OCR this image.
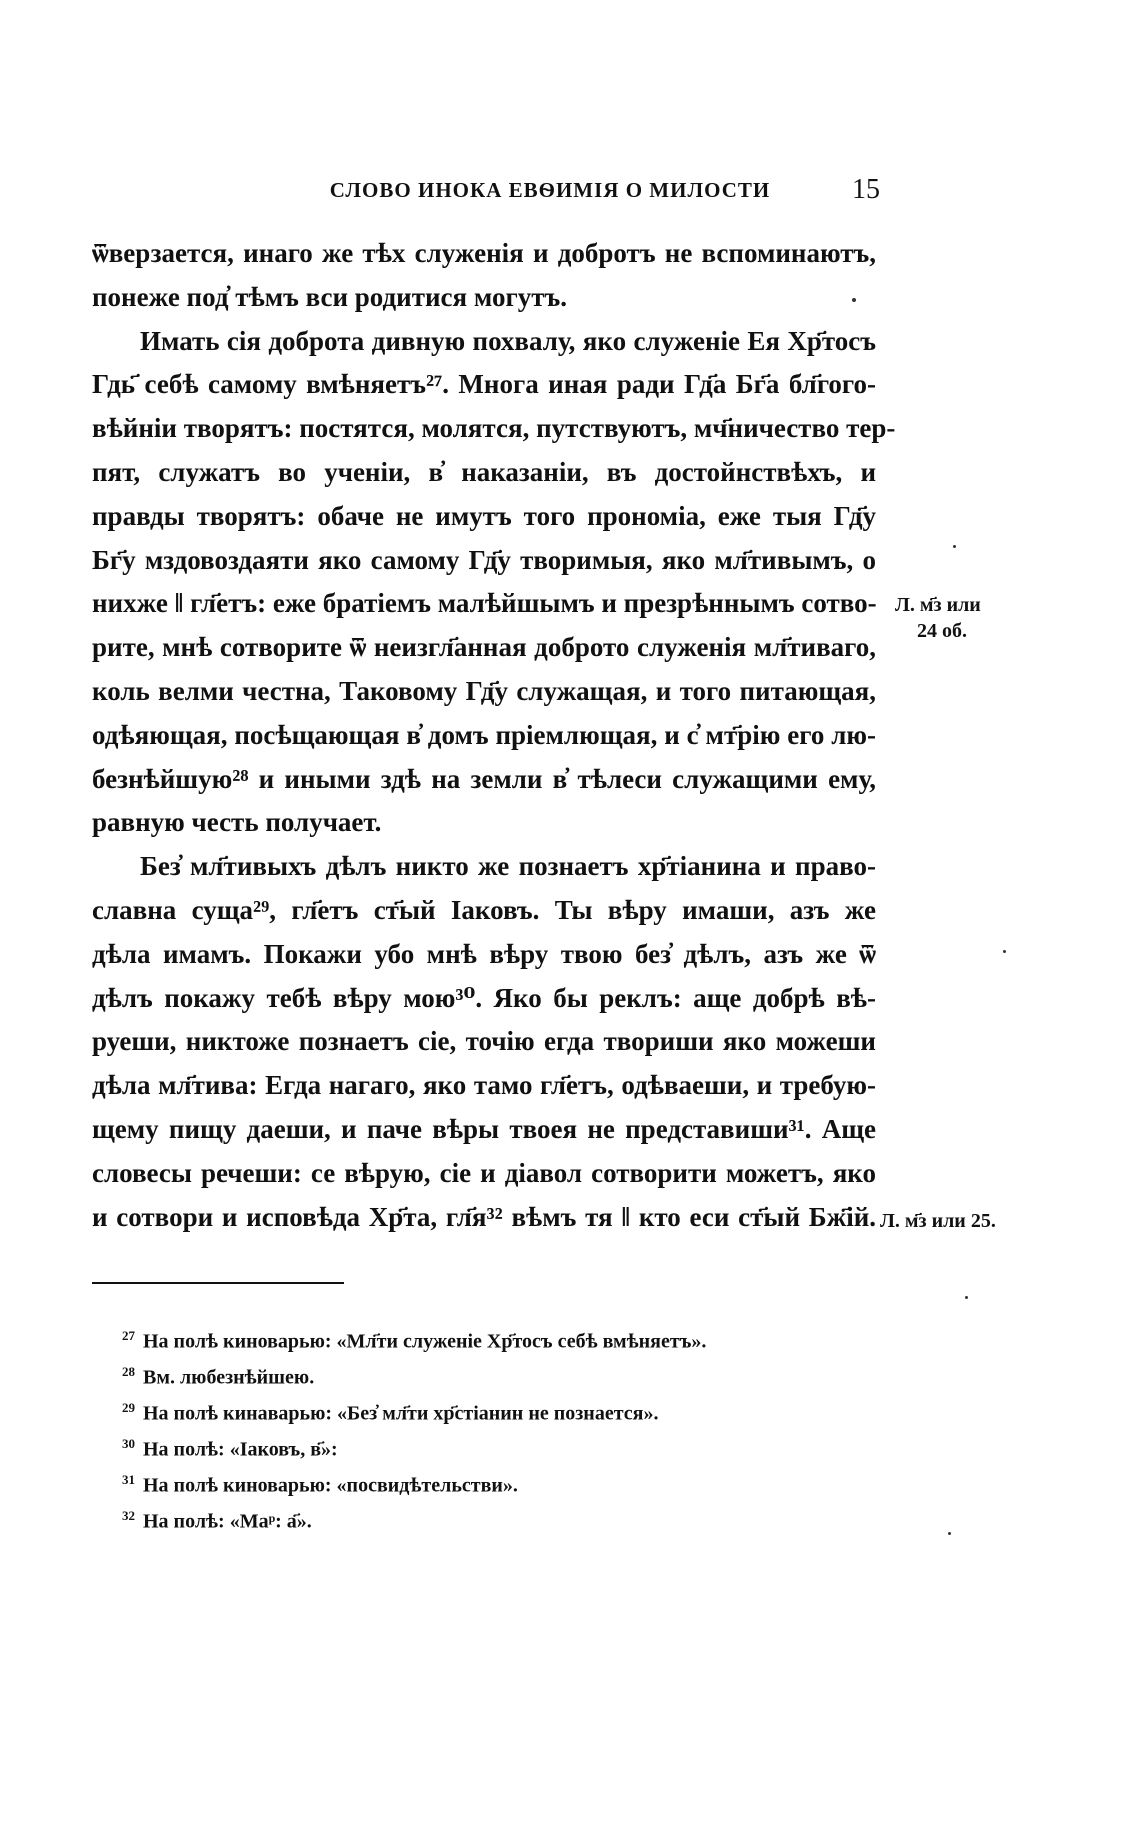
СЛОВО ИНОКА ЕВѲИМІЯ О МИЛОСТИ	15
ѿверзается, инаго же тѣх служенія и добротъ не вспоминаютъ,
понеже под҆ тѣмъ вси родитися могутъ.
Имать сія доброта дивную похвалу, яко служеніе Ея Хр҃тосъ
Гдь҃ себѣ самому вмѣняетъ²⁷. Многа иная ради Гд҃а Бг҃а бл҃гого-
вѣйніи творятъ: постятся, молятся, путствуютъ, мч҃ничество тер-
пят, служатъ во ученіи, в҆ наказаніи, въ достойнствѣхъ, и
правды творятъ: обаче не имутъ того прономіа, еже тыя Гд҃у
Бг҃у мздовоздаяти яко самому Гд҃у творимыя, яко мл҃тивымъ, о
нихже ‖ гл҃етъ: еже братіемъ малѣйшымъ и презрѣннымъ сотво-
рите, мнѣ сотворите ѿ неизгл҃анная доброто служенія мл҃тиваго,
коль велми честна, Таковому Гд҃у служащая, и того питающая,
одѣяющая, посѣщающая в҆ домъ пріемлющая, и с҆ мт҃рію его лю-
безнѣйшую²⁸ и иными здѣ на земли в҆ тѣлеси служащими ему,
равную честь получает.
Без҆ мл҃тивыхъ дѣлъ никто же познаетъ хр҃тіанина и право-
славна суща²⁹, гл҃етъ ст҃ый Іаковъ. Ты вѣру имаши, азъ же
дѣла имамъ. Покажи убо мнѣ вѣру твою без҆ дѣлъ, азъ же ѿ
дѣлъ покажу тебѣ вѣру мою³⁰. Яко бы реклъ: аще добрѣ вѣ-
руеши, никтоже познаетъ сіе, точію егда твориши яко можеши
дѣла мл҃тива: Егда нагаго, яко тамо гл҃етъ, одѣваеши, и требую-
щему пищу даеши, и паче вѣры твоея не представиши³¹. Аще
словесы речеши: се вѣрую, сіе и діавол сотворити можетъ, яко
и сотвори и исповѣда Хр҃та, гл҃я³² вѣмъ тя ‖ кто еси ст҃ый Бж҃ій.
Л. м҃з или
24 об.
Л. м҃з или 25.
$^{27}$ На полѣ киноварью: «Мл҃ти служеніе Хр҃тосъ себѣ вмѣняетъ».
$^{28}$ Вм. любезнѣйшею.
$^{29}$ На полѣ кинаварью: «Без҆ мл҃ти хр҃стіанин не познается».
$^{30}$ На полѣ: «Іаковъ, в҃»:
$^{31}$ На полѣ киноварью: «посвидѣтельстви».
$^{32}$ На полѣ: «Маᵖ: а҃».
